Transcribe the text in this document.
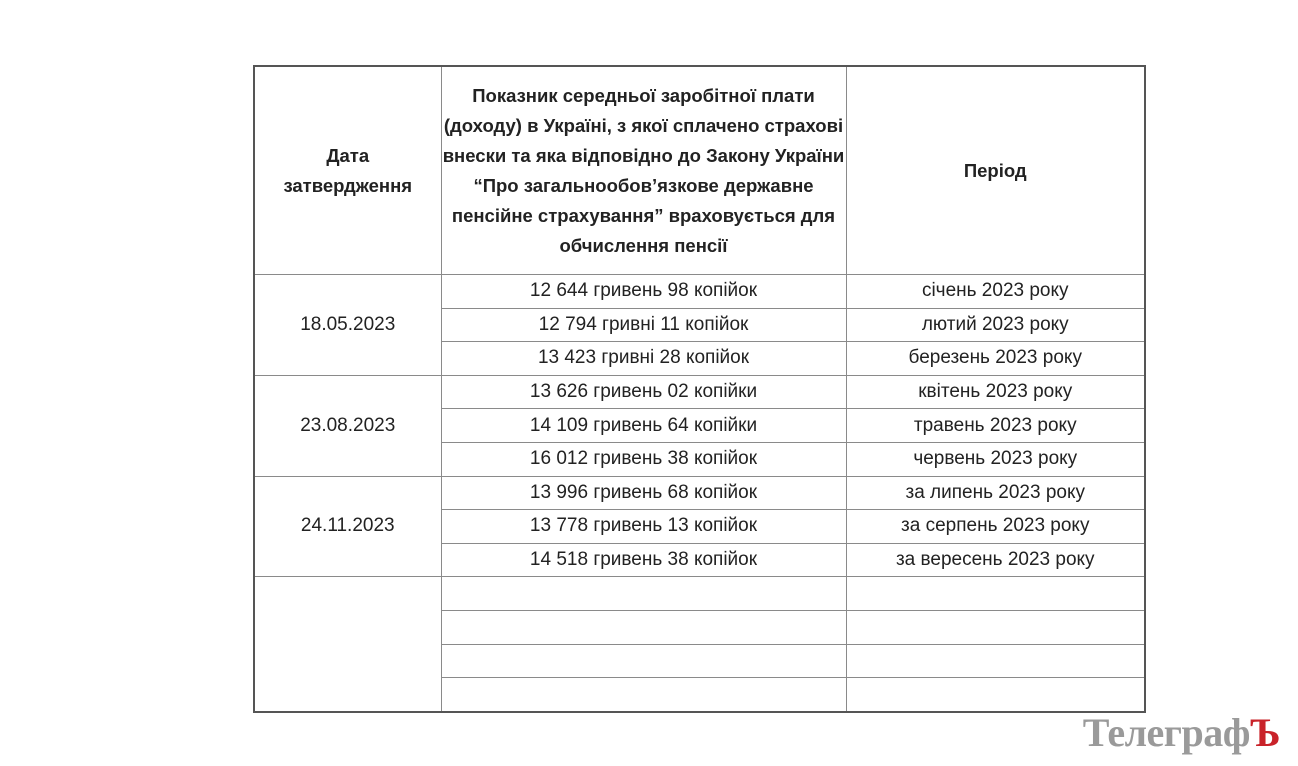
Дата затвердження	Показник середньої заробітної плати (доходу) в Україні, з якої сплачено страхові внески та яка відповідно до Закону України “Про загальнообов’язкове державне пенсійне страхування” враховується для обчислення пенсії	Період

18.05.2023	12 644 гривень 98 копійок	січень 2023 року
	12 794 гривні 11 копійок	лютий 2023 року
	13 423 гривні 28 копійок	березень 2023 року
23.08.2023	13 626 гривень 02 копійки	квітень 2023 року
	14 109 гривень 64 копійки	травень 2023 року
	16 012 гривень 38 копійок	червень 2023 року
24.11.2023	13 996 гривень 68 копійок	за липень 2023 року
	13 778 гривень 13 копійок	за серпень 2023 року
	14 518 гривень 38 копійок	за вересень 2023 року

ТелеграфЪ
